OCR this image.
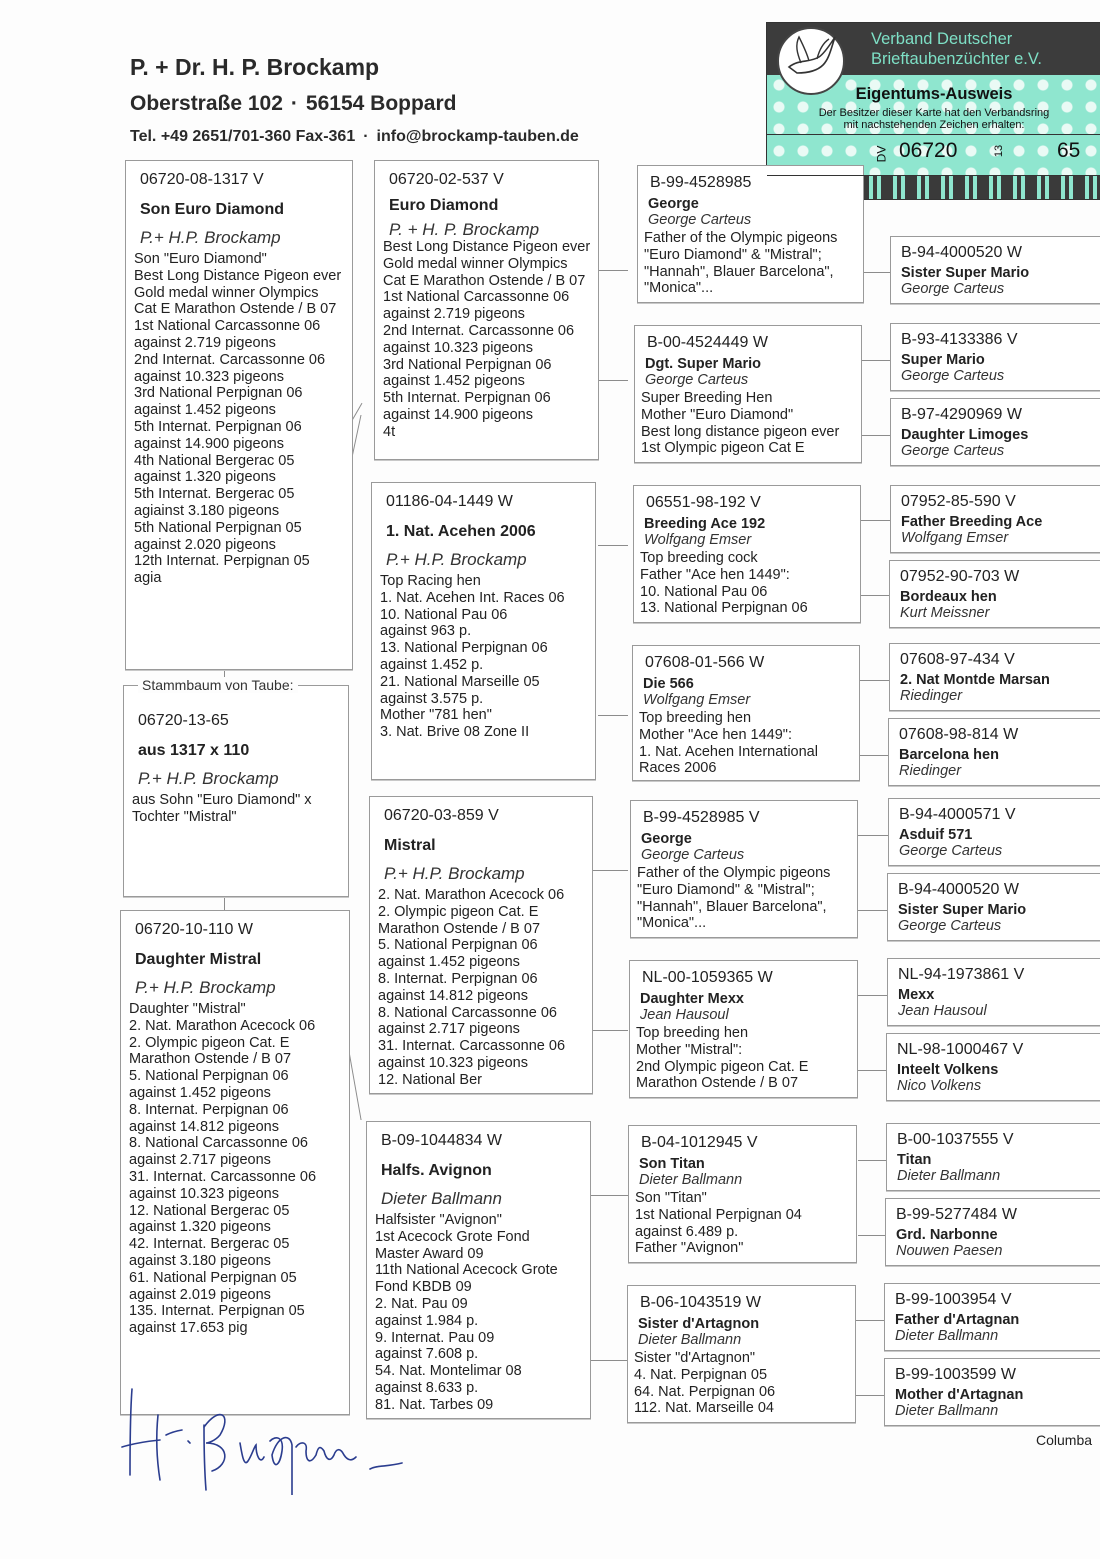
P. + Dr. H. P. Brockamp
Oberstraße 102 · 56154 Boppard
Tel. +49 2651/701-360 Fax-361 · info@brockamp-tauben.de
Verband Deutscher
Brieftaubenzüchter e.V.
Eigentums-Ausweis
Der Besitzer dieser Karte hat den Verbandsring
mit nachstehenden Zeichen erhalten:
DV 06720	13 65
06720-08-1317 V
Son Euro Diamond
P.+ H.P. Brockamp
Son "Euro Diamond"
Best Long Distance Pigeon ever
Gold medal winner Olympics
Cat E Marathon Ostende / B 07
1st National Carcassonne 06
against 2.719 pigeons
2nd Internat. Carcassonne 06
against 10.323 pigeons
3rd National Perpignan 06
against 1.452 pigeons
5th Internat. Perpignan 06
against 14.900 pigeons
4th National Bergerac 05
against 1.320 pigeons
5th Internat. Bergerac 05
agiainst 3.180 pigeons
5th National Perpignan 05
against 2.020 pigeons
12th Internat. Perpignan 05
agia
06720-13-65
aus 1317 x 110
P.+ H.P. Brockamp
aus Sohn "Euro Diamond" x
Tochter "Mistral"
Stammbaum von Taube:
06720-10-110 W
Daughter Mistral
P.+ H.P. Brockamp
Daughter "Mistral"
2. Nat. Marathon Acecock 06
2. Olympic pigeon Cat. E
Marathon Ostende / B 07
5. National Perpignan 06
against 1.452 pigeons
8. Internat. Perpignan 06
against 14.812 pigeons
8. National Carcassonne 06
against 2.717 pigeons
31. Internat. Carcassonne 06
against 10.323 pigeons
12. National Bergerac 05
against 1.320 pigeons
42. Internat. Bergerac 05
against 3.180 pigeons
61. National Perpignan 05
against 2.019 pigeons
135. Internat. Perpignan 05
against 17.653 pig
06720-02-537 V
Euro Diamond
P. + H. P. Brockamp
Best Long Distance Pigeon ever
Gold medal winner Olympics
Cat E Marathon Ostende / B 07
1st National Carcassonne 06
against 2.719 pigeons
2nd Internat. Carcassonne 06
against 10.323 pigeons
3rd National Perpignan 06
against 1.452 pigeons
5th Internat. Perpignan 06
against 14.900 pigeons
4t
01186-04-1449 W
1. Nat. Acehen 2006
P.+ H.P. Brockamp
Top Racing hen
1. Nat. Acehen Int. Races 06
10. National Pau 06
against 963 p.
13. National Perpignan 06
against 1.452 p.
21. National Marseille 05
against 3.575 p.
Mother "781 hen"
3. Nat. Brive 08 Zone II
06720-03-859 V
Mistral
P.+ H.P. Brockamp
2. Nat. Marathon Acecock 06
2. Olympic pigeon Cat. E
Marathon Ostende / B 07
5. National Perpignan 06
against 1.452 pigeons
8. Internat. Perpignan 06
against 14.812 pigeons
8. National Carcassonne 06
against 2.717 pigeons
31. Internat. Carcassonne 06
against 10.323 pigeons
12. National Ber
B-09-1044834 W
Halfs. Avignon
Dieter Ballmann
Halfsister "Avignon"
1st Acecock Grote Fond
Master Award 09
11th National Acecock Grote
Fond KBDB 09
2. Nat. Pau 09
against 1.984 p.
9. Internat. Pau 09
against 7.608 p.
54. Nat. Montelimar 08
against 8.633 p.
81. Nat. Tarbes 09
B-99-4528985
George
George Carteus
Father of the Olympic pigeons
"Euro Diamond" & "Mistral";
"Hannah", Blauer Barcelona",
"Monica"...
B-00-4524449 W
Dgt. Super Mario
George Carteus
Super Breeding Hen
Mother "Euro Diamond"
Best long distance pigeon ever
1st Olympic pigeon Cat E
06551-98-192 V
Breeding Ace 192
Wolfgang Emser
Top breeding cock
Father "Ace hen 1449":
10. National Pau 06
13. National Perpignan 06
07608-01-566 W
Die 566
Wolfgang Emser
Top breeding hen
Mother "Ace hen 1449":
1. Nat. Acehen International
Races 2006
B-99-4528985 V
George
George Carteus
Father of the Olympic pigeons
"Euro Diamond" & "Mistral";
"Hannah", Blauer Barcelona",
"Monica"...
NL-00-1059365 W
Daughter Mexx
Jean Hausoul
Top breeding hen
Mother "Mistral":
2nd Olympic pigeon Cat. E
Marathon Ostende / B 07
B-04-1012945 V
Son Titan
Dieter Ballmann
Son "Titan"
1st National Perpignan 04
against 6.489 p.
Father "Avignon"
B-06-1043519 W
Sister d'Artagnon
Dieter Ballmann
Sister "d'Artagnon"
4. Nat. Perpignan 05
64. Nat. Perpignan 06
112. Nat. Marseille 04
B-94-4000520 W
Sister Super Mario
George Carteus
B-93-4133386 V
Super Mario
George Carteus
B-97-4290969 W
Daughter Limoges
George Carteus
07952-85-590 V
Father Breeding Ace
Wolfgang Emser
07952-90-703 W
Bordeaux hen
Kurt Meissner
07608-97-434 V
2. Nat Montde Marsan
Riedinger
07608-98-814 W
Barcelona hen
Riedinger
B-94-4000571 V
Asduif 571
George Carteus
B-94-4000520 W
Sister Super Mario
George Carteus
NL-94-1973861 V
Mexx
Jean Hausoul
NL-98-1000467 V
Inteelt Volkens
Nico Volkens
B-00-1037555 V
Titan
Dieter Ballmann
B-99-5277484 W
Grd. Narbonne
Nouwen Paesen
B-99-1003954 V
Father d'Artagnan
Dieter Ballmann
B-99-1003599 W
Mother d'Artagnan
Dieter Ballmann
Columba
